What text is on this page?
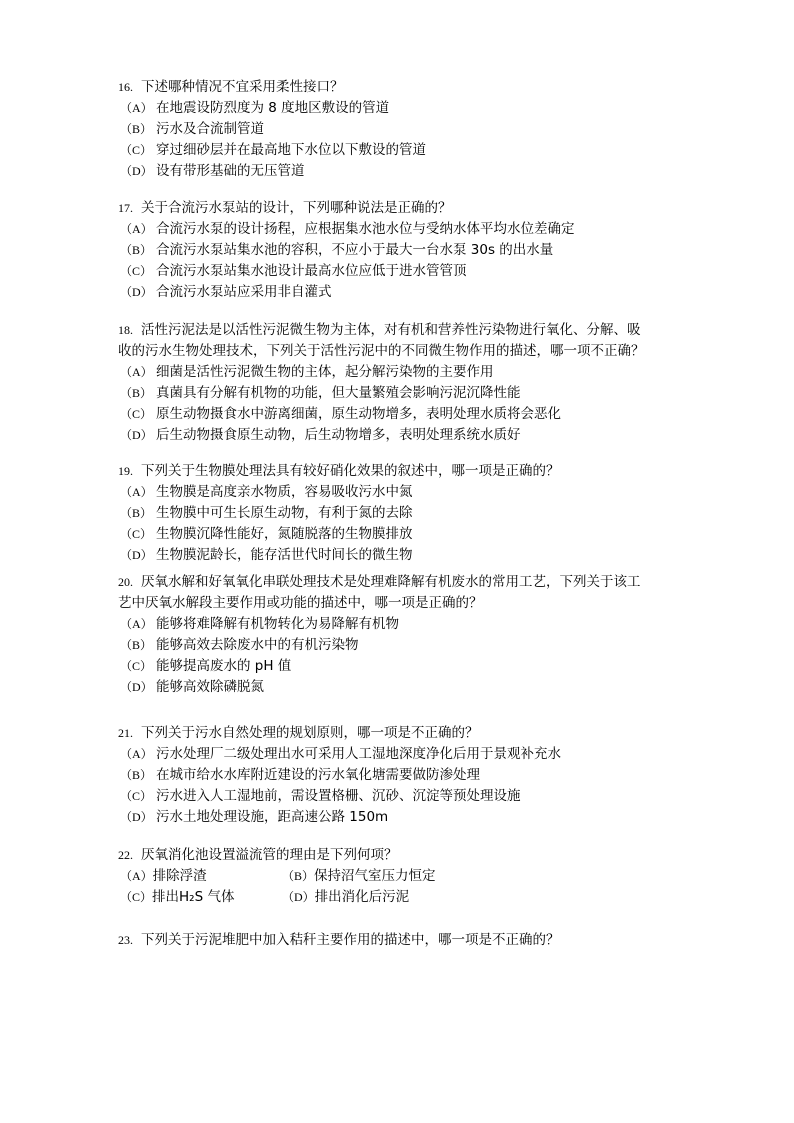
16. 下述哪种情况不宜采用柔性接口？
（A） 在地震设防烈度为 8 度地区敷设的管道
（B） 污水及合流制管道
（C） 穿过细砂层并在最高地下水位以下敷设的管道
（D） 设有带形基础的无压管道
17. 关于合流污水泵站的设计，下列哪种说法是正确的？
（A） 合流污水泵的设计扬程，应根据集水池水位与受纳水体平均水位差确定
（B） 合流污水泵站集水池的容积，不应小于最大一台水泵 30s 的出水量
（C） 合流污水泵站集水池设计最高水位应低于进水管管顶
（D） 合流污水泵站应采用非自灌式
18. 活性污泥法是以活性污泥微生物为主体，对有机和营养性污染物进行氧化、分解、吸
收的污水生物处理技术，下列关于活性污泥中的不同微生物作用的描述，哪一项不正确？
（A） 细菌是活性污泥微生物的主体，起分解污染物的主要作用
（B） 真菌具有分解有机物的功能，但大量繁殖会影响污泥沉降性能
（C） 原生动物摄食水中游离细菌，原生动物增多，表明处理水质将会恶化
（D） 后生动物摄食原生动物，后生动物增多，表明处理系统水质好
19. 下列关于生物膜处理法具有较好硝化效果的叙述中，哪一项是正确的？
（A） 生物膜是高度亲水物质，容易吸收污水中氮
（B） 生物膜中可生长原生动物，有利于氮的去除
（C） 生物膜沉降性能好，氮随脱落的生物膜排放
（D） 生物膜泥龄长，能存活世代时间长的微生物
20. 厌氧水解和好氧氧化串联处理技术是处理难降解有机废水的常用工艺，下列关于该工
艺中厌氧水解段主要作用或功能的描述中，哪一项是正确的？
（A） 能够将难降解有机物转化为易降解有机物
（B） 能够高效去除废水中的有机污染物
（C） 能够提高废水的 pH 值
（D） 能够高效除磷脱氮
21. 下列关于污水自然处理的规划原则，哪一项是不正确的？
（A） 污水处理厂二级处理出水可采用人工湿地深度净化后用于景观补充水
（B） 在城市给水水库附近建设的污水氧化塘需要做防渗处理
（C） 污水进入人工湿地前，需设置格栅、沉砂、沉淀等预处理设施
（D） 污水土地处理设施，距高速公路 150m
22. 厌氧消化池设置溢流管的理由是下列何项？
（A）排除浮渣	（B）保持沼气室压力恒定
（C）排出H₂S 气体	（D）排出消化后污泥
23. 下列关于污泥堆肥中加入秸秆主要作用的描述中，哪一项是不正确的？
